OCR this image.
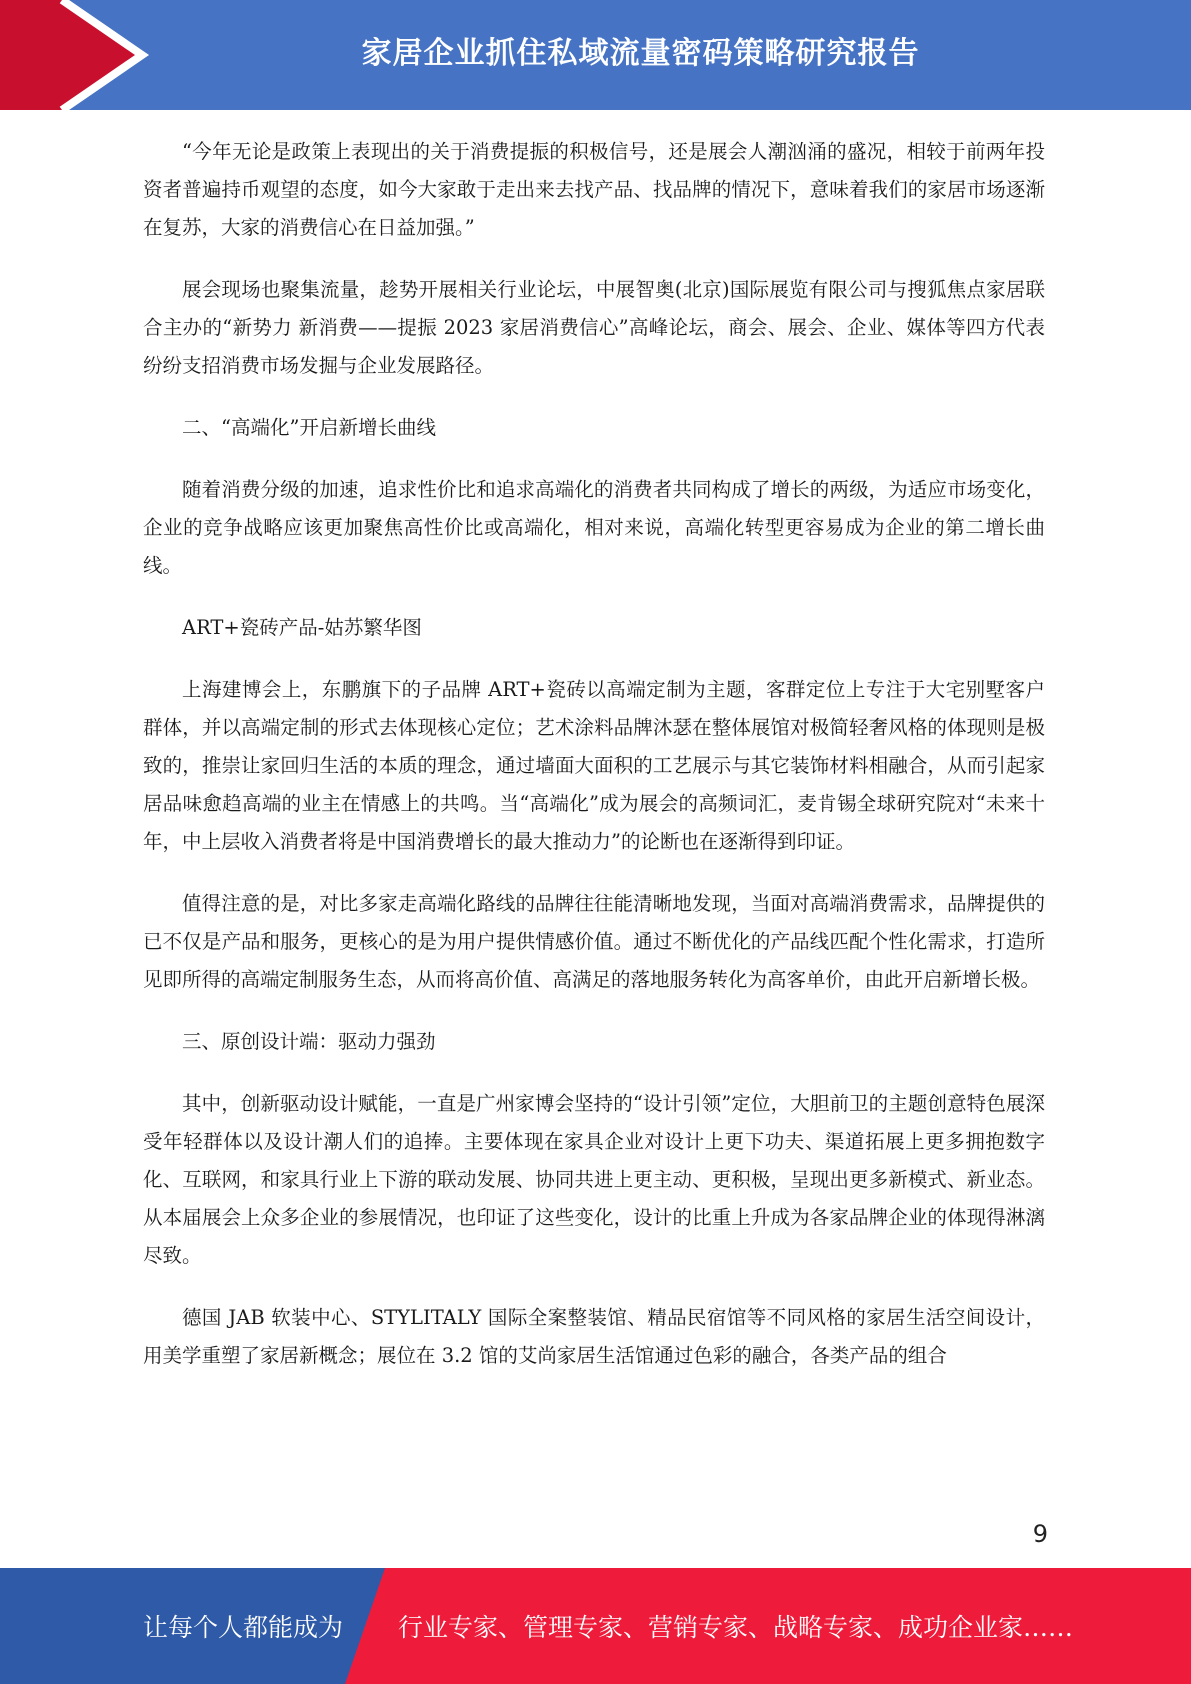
家居企业抓住私域流量密码策略研究报告

“今年无论是政策上表现出的关于消费提振的积极信号，还是展会人潮汹涌的盛况，相较于前两年投资者普遍持币观望的态度，如今大家敢于走出来去找产品、找品牌的情况下，意味着我们的家居市场逐渐在复苏，大家的消费信心在日益加强。”

展会现场也聚集流量，趁势开展相关行业论坛，中展智奥(北京)国际展览有限公司与搜狐焦点家居联合主办的“新势力 新消费——提振 2023 家居消费信心”高峰论坛，商会、展会、企业、媒体等四方代表纷纷支招消费市场发掘与企业发展路径。

二、“高端化”开启新增长曲线

随着消费分级的加速，追求性价比和追求高端化的消费者共同构成了增长的两级，为适应市场变化，企业的竞争战略应该更加聚焦高性价比或高端化，相对来说，高端化转型更容易成为企业的第二增长曲线。

ART+瓷砖产品-姑苏繁华图

上海建博会上，东鹏旗下的子品牌 ART+瓷砖以高端定制为主题，客群定位上专注于大宅别墅客户群体，并以高端定制的形式去体现核心定位；艺术涂料品牌沐瑟在整体展馆对极简轻奢风格的体现则是极致的，推崇让家回归生活的本质的理念，通过墙面大面积的工艺展示与其它装饰材料相融合，从而引起家居品味愈趋高端的业主在情感上的共鸣。当“高端化”成为展会的高频词汇，麦肯锡全球研究院对“未来十年，中上层收入消费者将是中国消费增长的最大推动力”的论断也在逐渐得到印证。

值得注意的是，对比多家走高端化路线的品牌往往能清晰地发现，当面对高端消费需求，品牌提供的已不仅是产品和服务，更核心的是为用户提供情感价值。通过不断优化的产品线匹配个性化需求，打造所见即所得的高端定制服务生态，从而将高价值、高满足的落地服务转化为高客单价，由此开启新增长极。

三、原创设计端：驱动力强劲

其中，创新驱动设计赋能，一直是广州家博会坚持的“设计引领”定位，大胆前卫的主题创意特色展深受年轻群体以及设计潮人们的追捧。主要体现在家具企业对设计上更下功夫、渠道拓展上更多拥抱数字化、互联网，和家具行业上下游的联动发展、协同共进上更主动、更积极，呈现出更多新模式、新业态。从本届展会上众多企业的参展情况，也印证了这些变化，设计的比重上升成为各家品牌企业的体现得淋漓尽致。

德国 JAB 软装中心、STYLITALY 国际全案整装馆、精品民宿馆等不同风格的家居生活空间设计，用美学重塑了家居新概念；展位在 3.2 馆的艾尚家居生活馆通过色彩的融合，各类产品的组合

9
让每个人都能成为 行业专家、管理专家、营销专家、战略专家、成功企业家……
